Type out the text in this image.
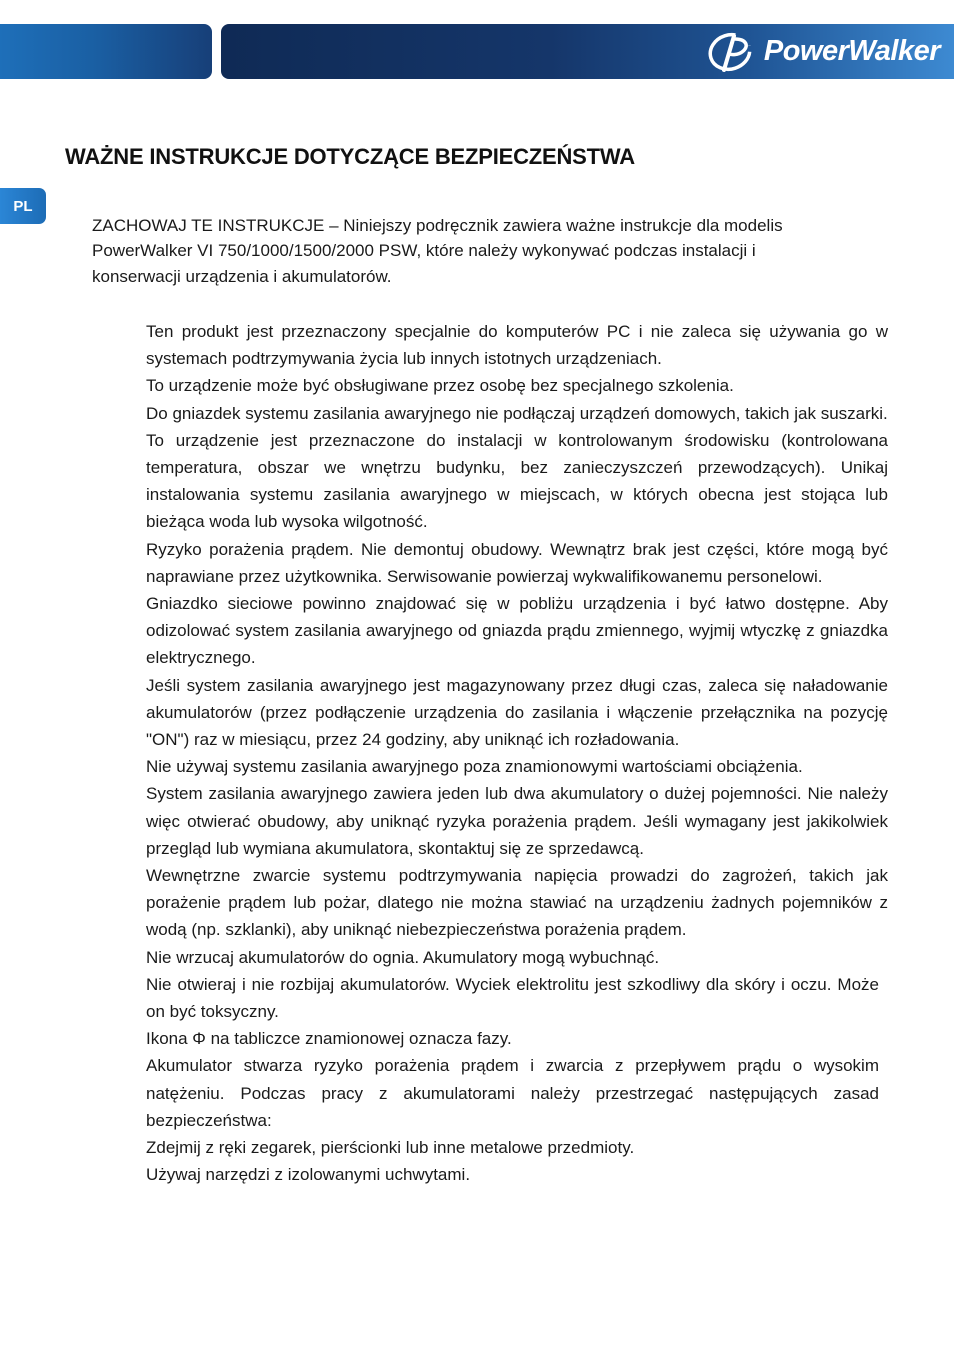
PowerWalker
PL
WAŻNE INSTRUKCJE DOTYCZĄCE BEZPIECZEŃSTWA

ZACHOWAJ TE INSTRUKCJE – Niniejszy podręcznik zawiera ważne instrukcje dla modelis PowerWalker VI 750/1000/1500/2000 PSW, które należy wykonywać podczas instalacji i konserwacji urządzenia i akumulatorów.

Ten produkt jest przeznaczony specjalnie do komputerów PC i nie zaleca się używania go w systemach podtrzymywania życia lub innych istotnych urządzeniach.
To urządzenie może być obsługiwane przez osobę bez specjalnego szkolenia.
Do gniazdek systemu zasilania awaryjnego nie podłączaj urządzeń domowych, takich jak suszarki.
To urządzenie jest przeznaczone do instalacji w kontrolowanym środowisku (kontrolowana temperatura, obszar we wnętrzu budynku, bez zanieczyszczeń przewodzących). Unikaj instalowania systemu zasilania awaryjnego w miejscach, w których obecna jest stojąca lub bieżąca woda lub wysoka wilgotność.
Ryzyko porażenia prądem. Nie demontuj obudowy. Wewnątrz brak jest części, które mogą być naprawiane przez użytkownika. Serwisowanie powierzaj wykwalifikowanemu personelowi.
Gniazdko sieciowe powinno znajdować się w pobliżu urządzenia i być łatwo dostępne. Aby odizolować system zasilania awaryjnego od gniazda prądu zmiennego, wyjmij wtyczkę z gniazdka elektrycznego.
Jeśli system zasilania awaryjnego jest magazynowany przez długi czas, zaleca się naładowanie akumulatorów (przez podłączenie urządzenia do zasilania i włączenie przełącznika na pozycję "ON") raz w miesiącu, przez 24 godziny, aby uniknąć ich rozładowania.
Nie używaj systemu zasilania awaryjnego poza znamionowymi wartościami obciążenia.
System zasilania awaryjnego zawiera jeden lub dwa akumulatory o dużej pojemności. Nie należy więc otwierać obudowy, aby uniknąć ryzyka porażenia prądem. Jeśli wymagany jest jakikolwiek przegląd lub wymiana akumulatora, skontaktuj się ze sprzedawcą.
Wewnętrzne zwarcie systemu podtrzymywania napięcia prowadzi do zagrożeń, takich jak porażenie prądem lub pożar, dlatego nie można stawiać na urządzeniu żadnych pojemników z wodą (np. szklanki), aby uniknąć niebezpieczeństwa porażenia prądem.
Nie wrzucaj akumulatorów do ognia. Akumulatory mogą wybuchnąć.
Nie otwieraj i nie rozbijaj akumulatorów. Wyciek elektrolitu jest szkodliwy dla skóry i oczu. Może on być toksyczny.
Ikona Φ na tabliczce znamionowej oznacza fazy.
Akumulator stwarza ryzyko porażenia prądem i zwarcia z przepływem prądu o wysokim natężeniu. Podczas pracy z akumulatorami należy przestrzegać następujących zasad bezpieczeństwa:
Zdejmij z ręki zegarek, pierścionki lub inne metalowe przedmioty.
Używaj narzędzi z izolowanymi uchwytami.
